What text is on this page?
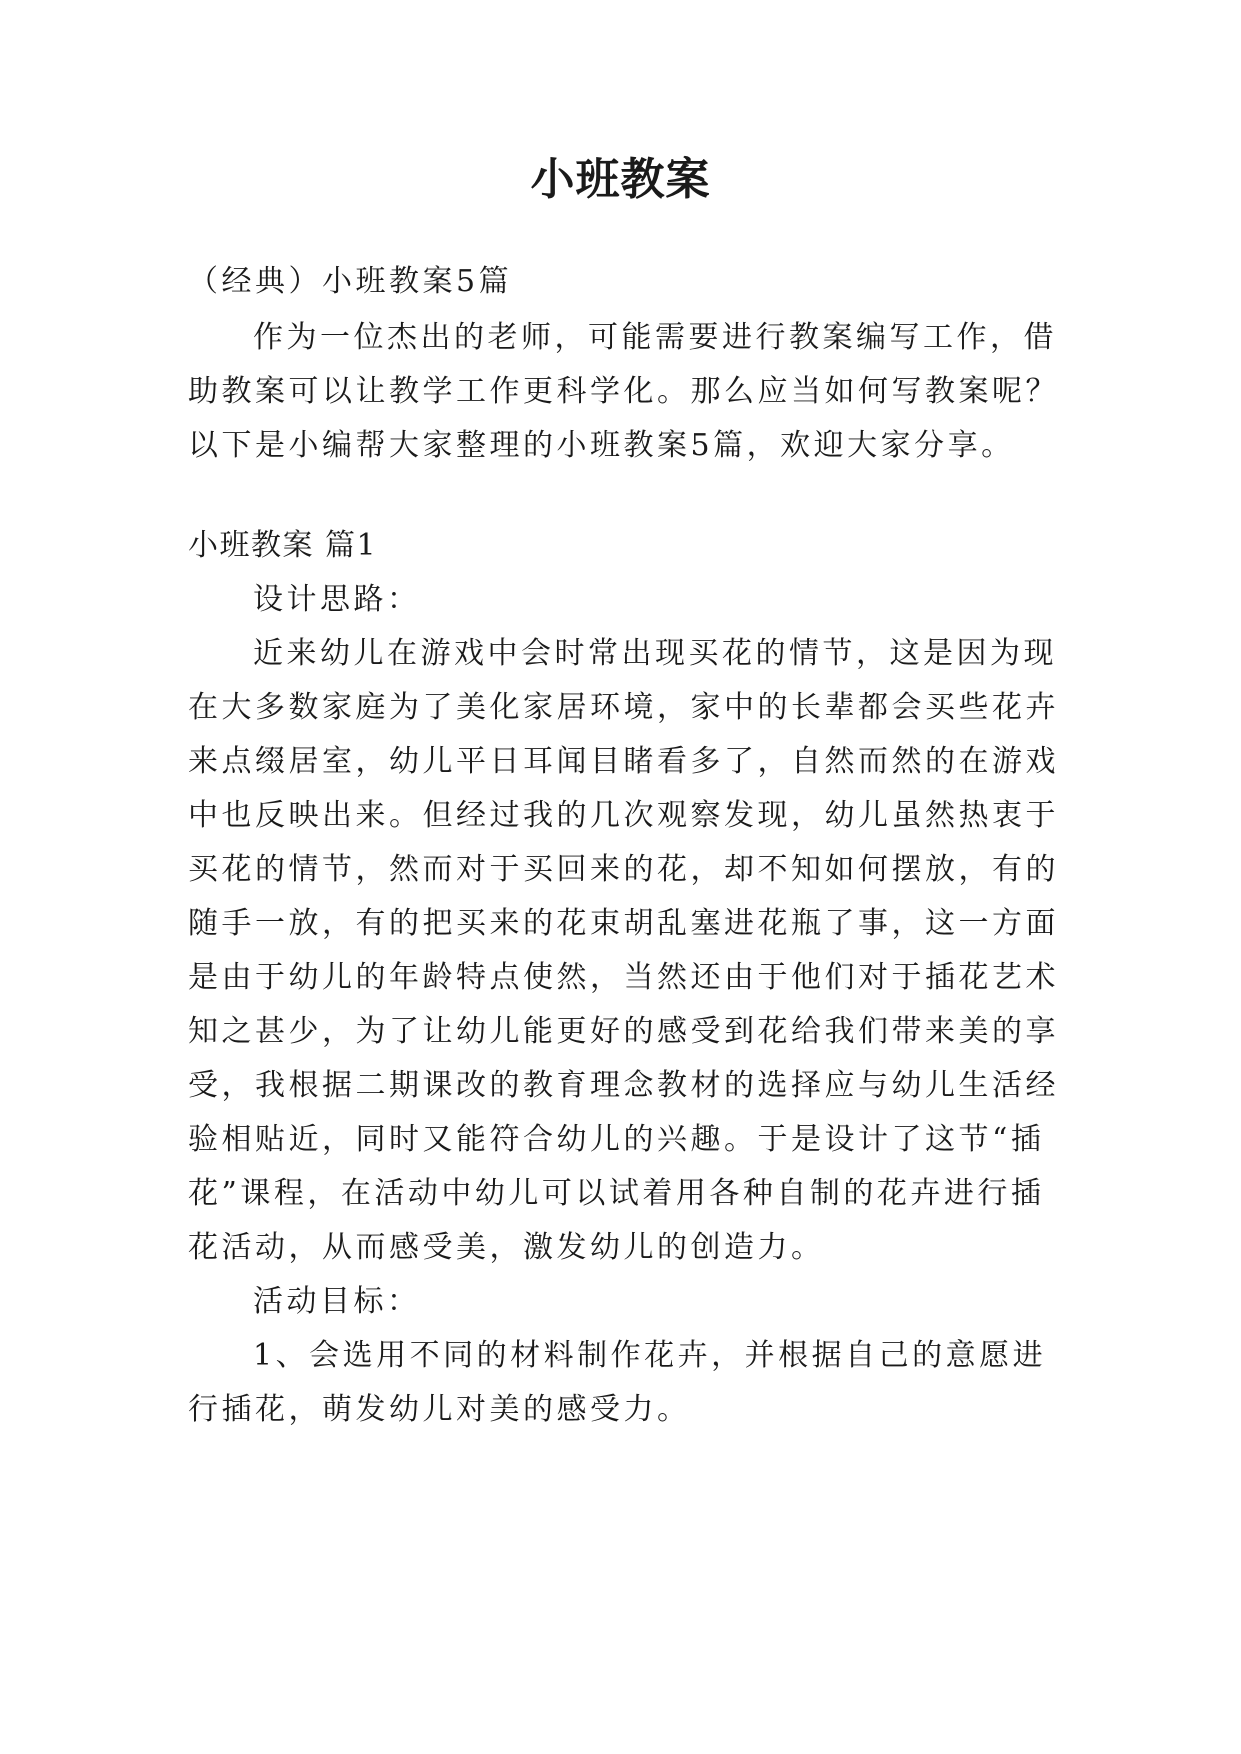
小班教案
（经典）小班教案5篇
作为一位杰出的老师，可能需要进行教案编写工作，借
助教案可以让教学工作更科学化。那么应当如何写教案呢？
以下是小编帮大家整理的小班教案5篇，欢迎大家分享。
小班教案 篇1
设计思路：
近来幼儿在游戏中会时常出现买花的情节，这是因为现
在大多数家庭为了美化家居环境，家中的长辈都会买些花卉
来点缀居室，幼儿平日耳闻目睹看多了，自然而然的在游戏
中也反映出来。但经过我的几次观察发现，幼儿虽然热衷于
买花的情节，然而对于买回来的花，却不知如何摆放，有的
随手一放，有的把买来的花束胡乱塞进花瓶了事，这一方面
是由于幼儿的年龄特点使然，当然还由于他们对于插花艺术
知之甚少，为了让幼儿能更好的感受到花给我们带来美的享
受，我根据二期课改的教育理念教材的选择应与幼儿生活经
验相贴近，同时又能符合幼儿的兴趣。于是设计了这节“插
花”课程，在活动中幼儿可以试着用各种自制的花卉进行插
花活动，从而感受美，激发幼儿的创造力。
活动目标：
1、会选用不同的材料制作花卉，并根据自己的意愿进
行插花，萌发幼儿对美的感受力。
